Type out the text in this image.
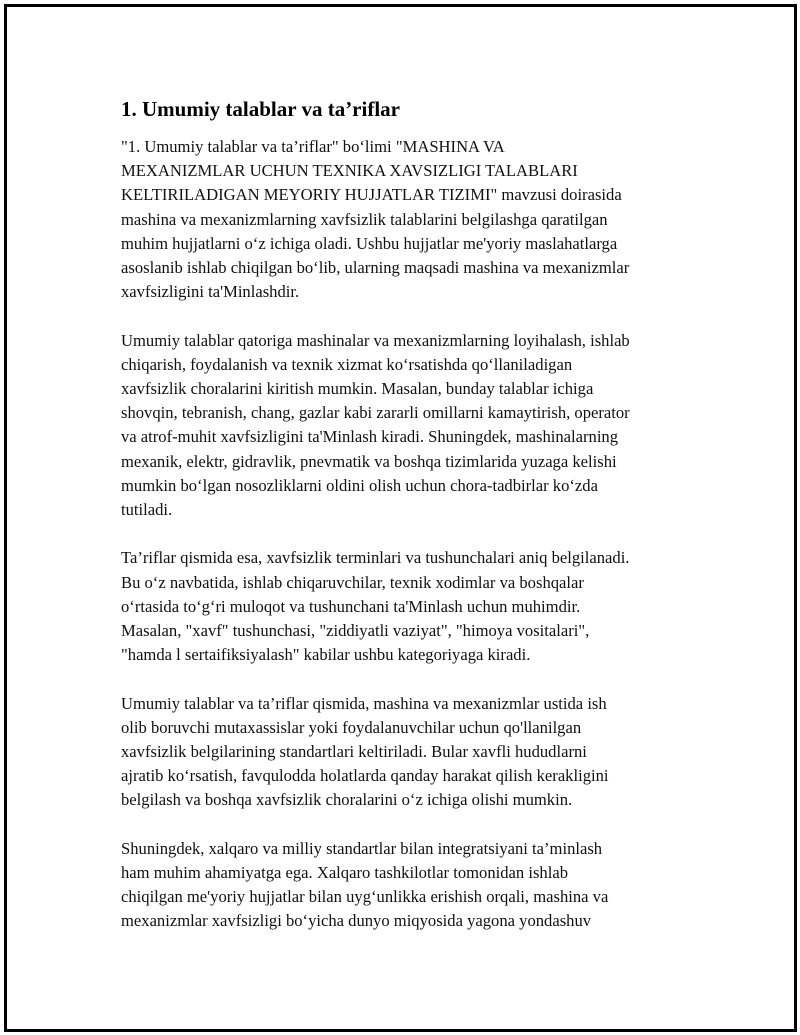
1. Umumiy talablar va ta’riflar

"1. Umumiy talablar va ta’riflar" bo‘limi "MASHINA VA
MEXANIZMLAR UCHUN TEXNIKA XAVSIZLIGI TALABLARI
KELTIRILADIGAN MEYORIY HUJJATLAR TIZIMI" mavzusi doirasida
mashina va mexanizmlarning xavfsizlik talablarini belgilashga qaratilgan
muhim hujjatlarni o‘z ichiga oladi. Ushbu hujjatlar me'yoriy maslahatlarga
asoslanib ishlab chiqilgan bo‘lib, ularning maqsadi mashina va mexanizmlar
xavfsizligini ta'Minlashdir.

Umumiy talablar qatoriga mashinalar va mexanizmlarning loyihalash, ishlab
chiqarish, foydalanish va texnik xizmat ko‘rsatishda qo‘llaniladigan
xavfsizlik choralarini kiritish mumkin. Masalan, bunday talablar ichiga
shovqin, tebranish, chang, gazlar kabi zararli omillarni kamaytirish, operator
va atrof-muhit xavfsizligini ta'Minlash kiradi. Shuningdek, mashinalarning
mexanik, elektr, gidravlik, pnevmatik va boshqa tizimlarida yuzaga kelishi
mumkin bo‘lgan nosozliklarni oldini olish uchun chora-tadbirlar ko‘zda
tutiladi.

Ta’riflar qismida esa, xavfsizlik terminlari va tushunchalari aniq belgilanadi.
Bu o‘z navbatida, ishlab chiqaruvchilar, texnik xodimlar va boshqalar
o‘rtasida to‘g‘ri muloqot va tushunchani ta'Minlash uchun muhimdir.
Masalan, "xavf" tushunchasi, "ziddiyatli vaziyat", "himoya vositalari",
"hamda l sertaifiksiyalash" kabilar ushbu kategoriyaga kiradi.

Umumiy talablar va ta’riflar qismida, mashina va mexanizmlar ustida ish
olib boruvchi mutaxassislar yoki foydalanuvchilar uchun qo'llanilgan
xavfsizlik belgilarining standartlari keltiriladi. Bular xavfli hududlarni
ajratib ko‘rsatish, favqulodda holatlarda qanday harakat qilish kerakligini
belgilash va boshqa xavfsizlik choralarini o‘z ichiga olishi mumkin.

Shuningdek, xalqaro va milliy standartlar bilan integratsiyani ta’minlash
ham muhim ahamiyatga ega. Xalqaro tashkilotlar tomonidan ishlab
chiqilgan me'yoriy hujjatlar bilan uyg‘unlikka erishish orqali, mashina va
mexanizmlar xavfsizligi bo‘yicha dunyo miqyosida yagona yondashuv
